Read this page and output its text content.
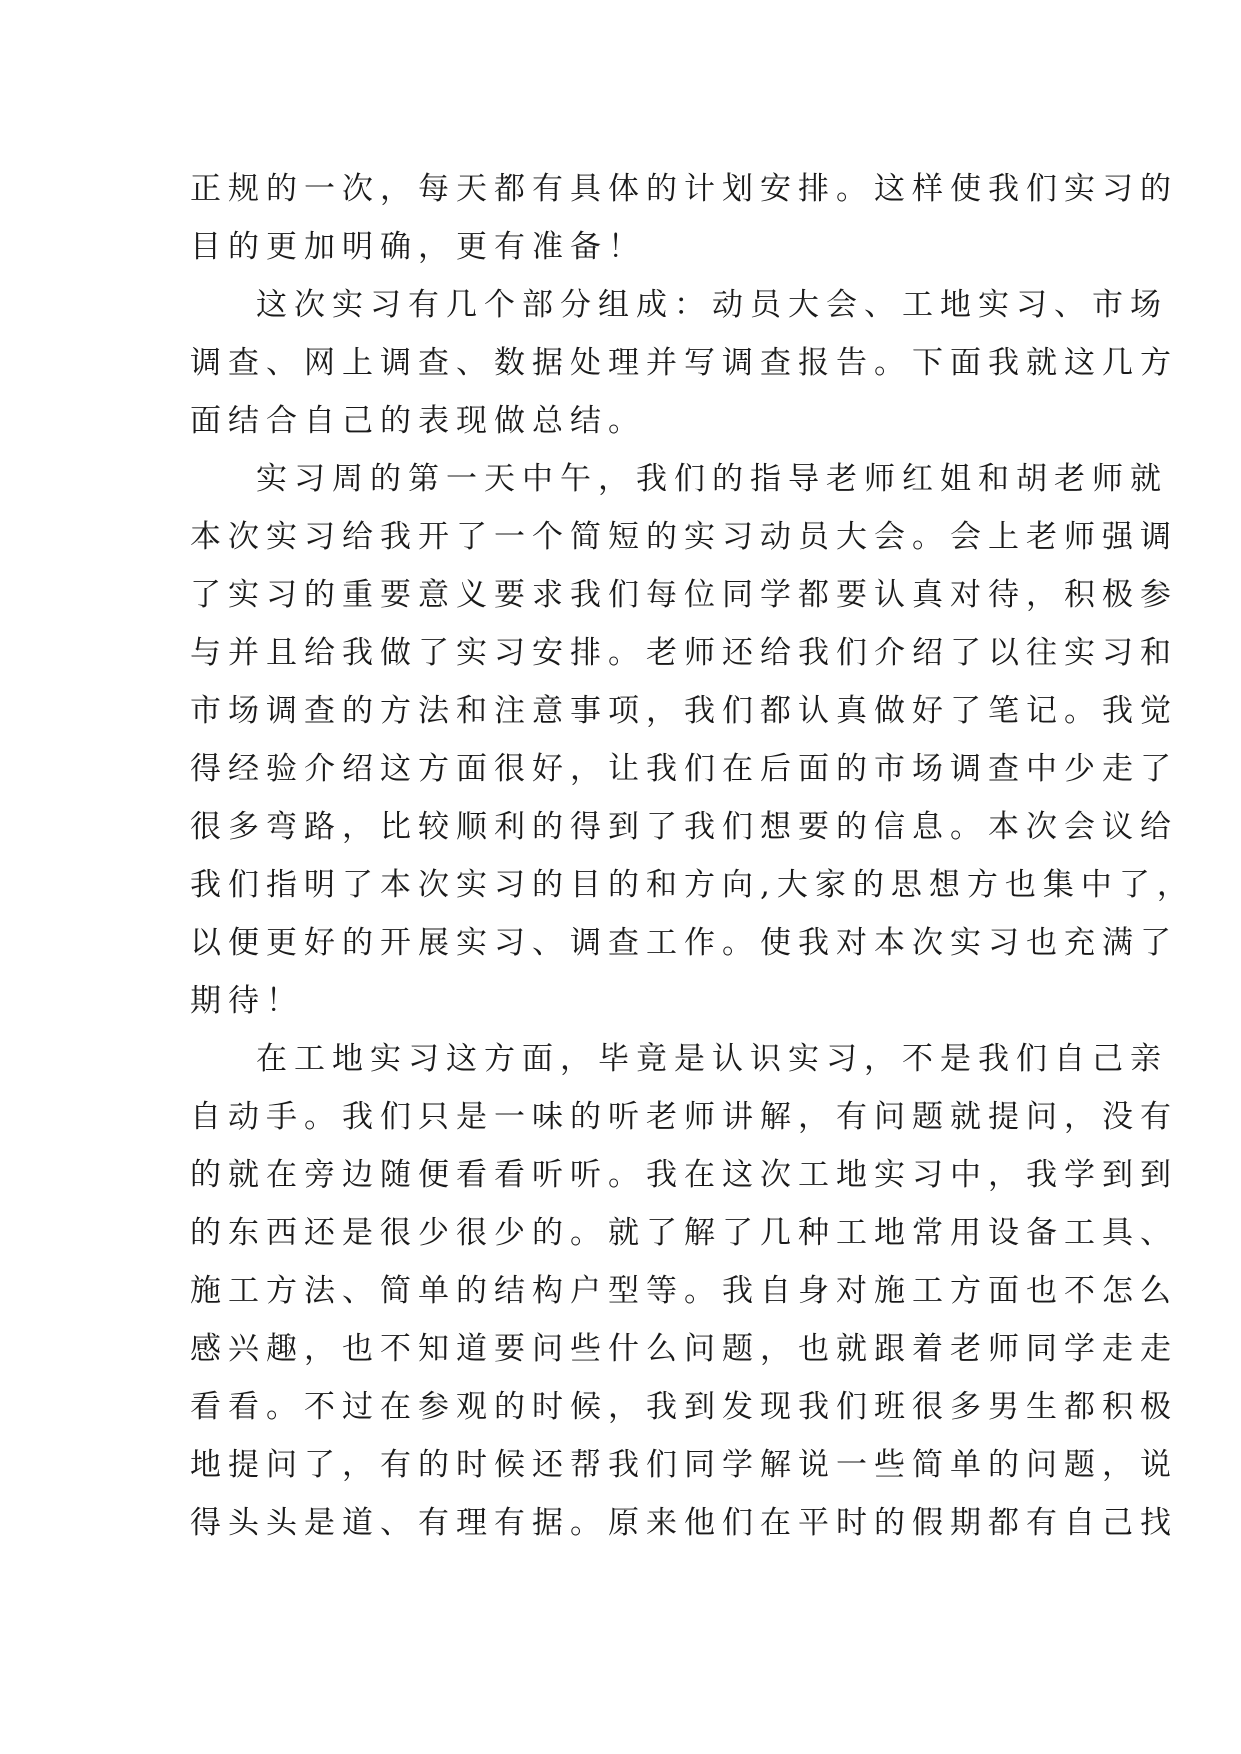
正规的一次，每天都有具体的计划安排。这样使我们实习的
目的更加明确，更有准备！
这次实习有几个部分组成：动员大会、工地实习、市场
调查、网上调查、数据处理并写调查报告。下面我就这几方
面结合自己的表现做总结。
实习周的第一天中午，我们的指导老师红姐和胡老师就
本次实习给我开了一个简短的实习动员大会。会上老师强调
了实习的重要意义要求我们每位同学都要认真对待，积极参
与并且给我做了实习安排。老师还给我们介绍了以往实习和
市场调查的方法和注意事项，我们都认真做好了笔记。我觉
得经验介绍这方面很好，让我们在后面的市场调查中少走了
很多弯路，比较顺利的得到了我们想要的信息。本次会议给
我们指明了本次实习的目的和方向,大家的思想方也集中了，
以便更好的开展实习、调查工作。使我对本次实习也充满了
期待！
在工地实习这方面，毕竟是认识实习，不是我们自己亲
自动手。我们只是一味的听老师讲解，有问题就提问，没有
的就在旁边随便看看听听。我在这次工地实习中，我学到到
的东西还是很少很少的。就了解了几种工地常用设备工具、
施工方法、简单的结构户型等。我自身对施工方面也不怎么
感兴趣，也不知道要问些什么问题，也就跟着老师同学走走
看看。不过在参观的时候，我到发现我们班很多男生都积极
地提问了，有的时候还帮我们同学解说一些简单的问题，说
得头头是道、有理有据。原来他们在平时的假期都有自己找
